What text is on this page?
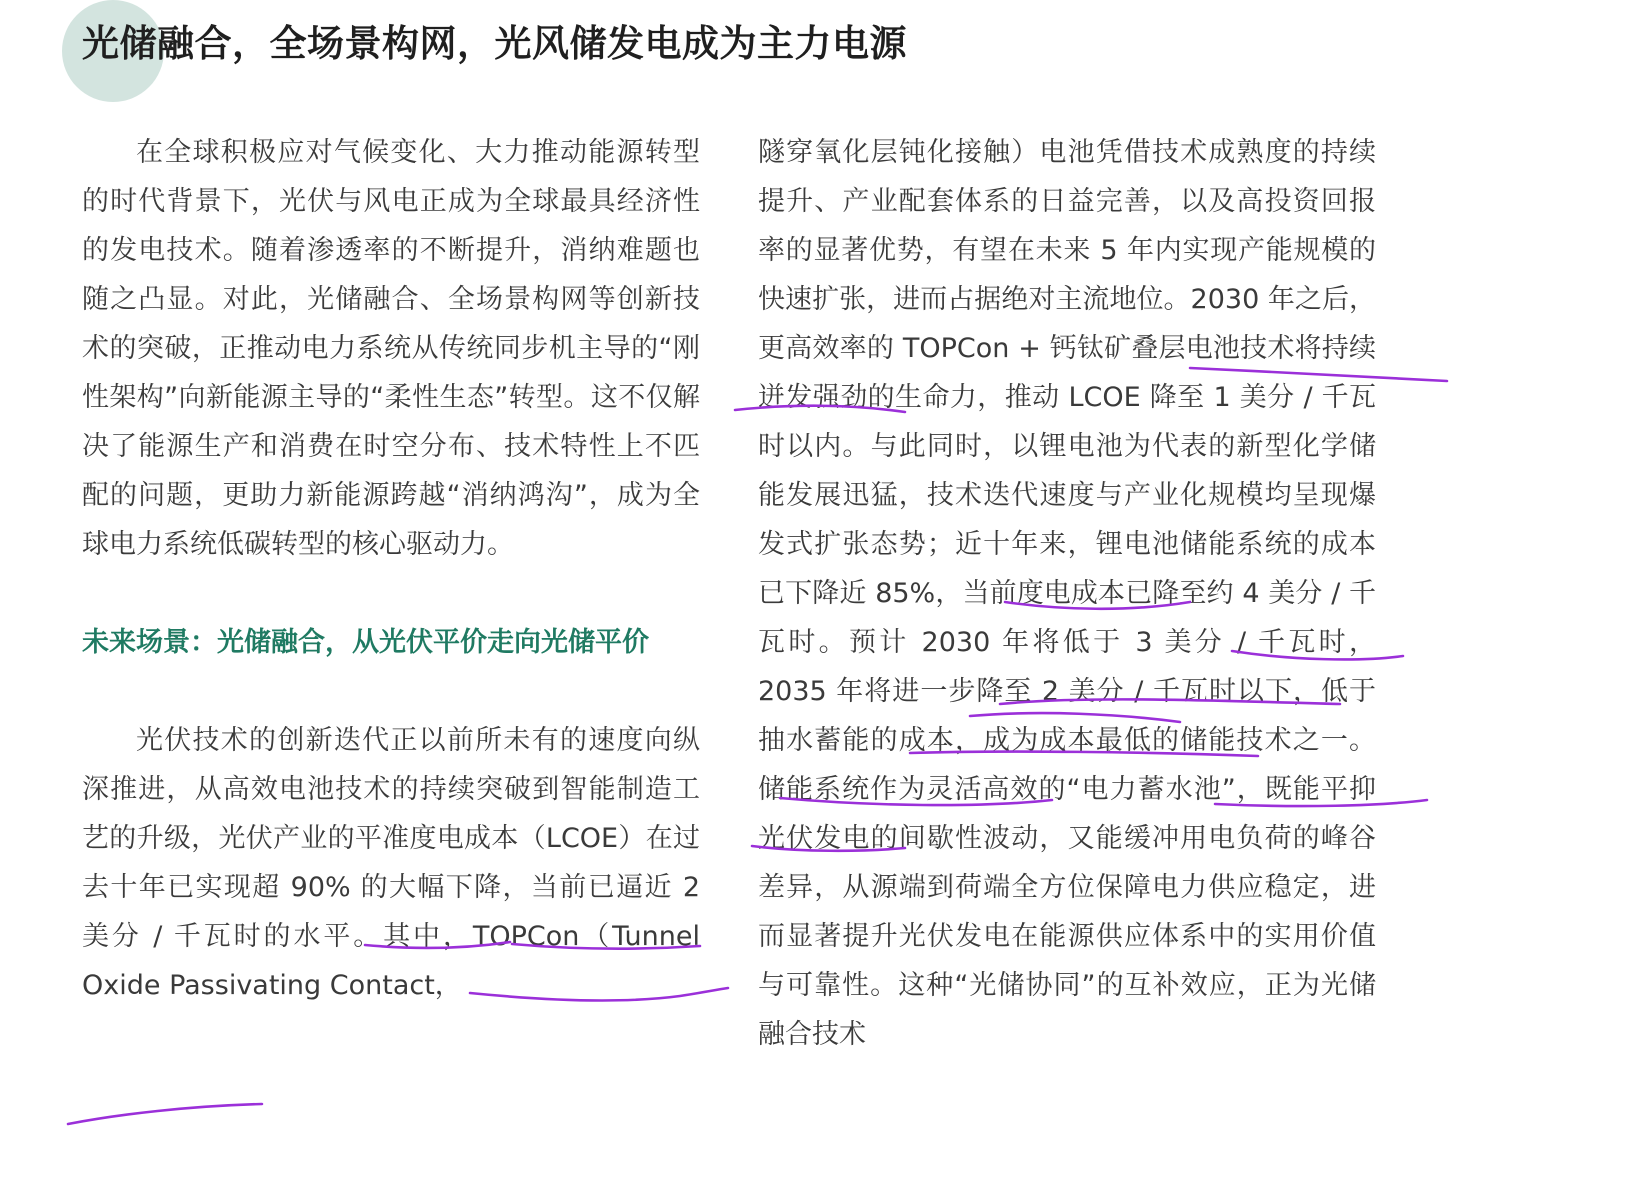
光储融合，全场景构网，光风储发电成为主力电源

在全球积极应对气候变化、大力推动能源转型的时代背景下，光伏与风电正成为全球最具经济性的发电技术。随着渗透率的不断提升，消纳难题也随之凸显。对此，光储融合、全场景构网等创新技术的突破，正推动电力系统从传统同步机主导的“刚性架构”向新能源主导的“柔性生态”转型。这不仅解决了能源生产和消费在时空分布、技术特性上不匹配的问题，更助力新能源跨越“消纳鸿沟”，成为全球电力系统低碳转型的核心驱动力。

未来场景：光储融合，从光伏平价走向光储平价

光伏技术的创新迭代正以前所未有的速度向纵深推进，从高效电池技术的持续突破到智能制造工艺的升级，光伏产业的平准度电成本（LCOE）在过去十年已实现超 90% 的大幅下降，当前已逼近 2 美分 / 千瓦时的水平。其中，TOPCon（Tunnel Oxide Passivating Contact，

隧穿氧化层钝化接触）电池凭借技术成熟度的持续提升、产业配套体系的日益完善，以及高投资回报率的显著优势，有望在未来 5 年内实现产能规模的快速扩张，进而占据绝对主流地位。2030 年之后，更高效率的 TOPCon + 钙钛矿叠层电池技术将持续迸发强劲的生命力，推动 LCOE 降至 1 美分 / 千瓦时以内。与此同时，以锂电池为代表的新型化学储能发展迅猛，技术迭代速度与产业化规模均呈现爆发式扩张态势；近十年来，锂电池储能系统的成本已下降近 85%，当前度电成本已降至约 4 美分 / 千瓦时。预计 2030 年将低于 3 美分 / 千瓦时，2035 年将进一步降至 2 美分 / 千瓦时以下，低于抽水蓄能的成本，成为成本最低的储能技术之一。储能系统作为灵活高效的“电力蓄水池”，既能平抑光伏发电的间歇性波动，又能缓冲用电负荷的峰谷差异，从源端到荷端全方位保障电力供应稳定，进而显著提升光伏发电在能源供应体系中的实用价值与可靠性。这种“光储协同”的互补效应，正为光储融合技术
